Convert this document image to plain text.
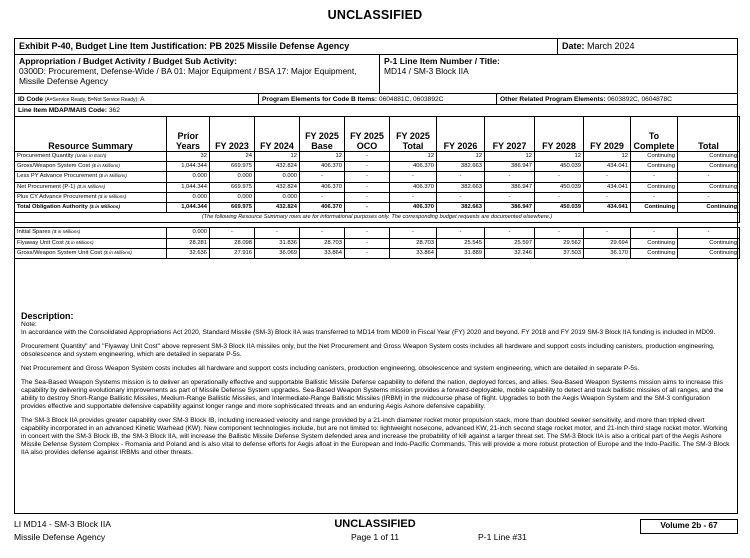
UNCLASSIFIED
Exhibit P-40, Budget Line Item Justification: PB 2025 Missile Defense Agency	Date: March 2024
Appropriation / Budget Activity / Budget Sub Activity:
0300D: Procurement, Defense-Wide / BA 01: Major Equipment / BSA 17: Major Equipment, Missile Defense Agency
P-1 Line Item Number / Title:
MD14 / SM-3 Block IIA
ID Code (A=Service Ready, B=Not Service Ready): A	Program Elements for Code B Items: 0604881C, 0603892C	Other Related Program Elements: 0603892C, 0604878C
Line Item MDAP/MAIS Code: 362
Resource Summary	Prior Years	FY 2023	FY 2024	FY 2025 Base	FY 2025 OCO	FY 2025 Total	FY 2026	FY 2027	FY 2028	FY 2029	To Complete	Total
Procurement Quantity (Units in Each)	32	24	12	12	-	12	12	12	12	12	Continuing	Continuing
Gross/Weapon System Cost ($ in Millions)	1,044.344	669.975	432.824	406.370	-	406.370	382.663	386.947	450.039	434.041	Continuing	Continuing
Less PY Advance Procurement ($ in Millions)	0.000	0.000	0.000	-	-	-	-	-	-	-	-	-
Net Procurement (P-1) ($ in Millions)	1,044.344	669.975	432.824	406.370	-	406.370	382.663	386.947	450.039	434.041	Continuing	Continuing
Plus CY Advance Procurement ($ in Millions)	0.000	0.000	0.000	-	-	-	-	-	-	-	-	-
Total Obligation Authority ($ in Millions)	1,044.344	669.975	432.824	406.370	-	406.370	382.663	386.947	450.039	434.041	Continuing	Continuing
(The following Resource Summary rows are for informational purposes only. The corresponding budget requests are documented elsewhere.)												

Initial Spares ($ in Millions)	0.000	-	-	-	-	-	-	-	-	-	-	-
Flyaway Unit Cost ($ in Millions)	28.281	28.098	31.836	28.703	-	28.703	25.545	25.597	29.562	29.694	Continuing	Continuing
Gross/Weapon System Unit Cost ($ in Millions)	32.636	27.916	36.069	33.864	-	33.864	31.889	32.246	37.503	36.170	Continuing	Continuing
Description:

Note:

In accordance with the Consolidated Appropriations Act 2020, Standard Missile (SM-3) Block IIA was transferred to MD14 from MD09 in Fiscal Year (FY) 2020 and beyond. FY 2018 and FY 2019 SM-3 Block IIA funding is included in MD09.

Procurement Quantity" and "Flyaway Unit Cost" above represent SM-3 Block IIA missiles only, but the Net Procurement and Gross Weapon System costs includes all hardware and support costs including canisters, production engineering, obsolescence and system engineering, which are detailed in separate P-5s.

Net Procurement and Gross Weapon System costs includes all hardware and support costs including canisters, production engineering, obsolescence and system engineering, which are detailed in separate P-5s.

The Sea-Based Weapon Systems mission is to deliver an operationally effective and supportable Ballistic Missile Defense capability to defend the nation, deployed forces, and allies. Sea-Based Weapon Systems mission aims to increase this capability by delivering evolutionary improvements as part of Missile Defense System upgrades. Sea-Based Weapon Systems mission provides a forward-deployable, mobile capability to detect and track ballistic missiles of all ranges, and the ability to destroy Short-Range Ballistic Missiles, Medium-Range Ballistic Missiles, and Intermediate-Range Ballistic Missiles (IRBM) in the midcourse phase of flight. Upgrades to both the Aegis Weapon System and the SM-3 configuration provides effective and supportable defensive capability against longer range and more sophisticated threats and an enduring Aegis Ashore defensive capability.

The SM-3 Block IIA provides greater capability over SM-3 Block IB, including increased velocity and range provided by a 21-inch diameter rocket motor propulsion stack, more than doubled seeker sensitivity, and more than tripled divert capability incorporated in an advanced Kinetic Warhead (KW). New component technologies include, but are not limited to: lightweight nosecone, advanced KW, 21-inch second stage rocket motor, and 21-inch third stage rocket motor. Working in concert with the SM-3 Block IB, the SM-3 Block IIA, will increase the Ballistic Missile Defense System defended area and increase the probability of kill against a larger threat set. The SM-3 Block IIA is also a critical part of the Aegis Ashore Missile Defense System Complex - Romania and Poland and is also vital to defense efforts for Aegis afloat in the European and Indo-Pacific Commands. This will provide a more robust protection of Europe and the Indo-Pacific. The SM-3 Block IIA also provides defense against IRBMs and other threats.

LI MD14 - SM-3 Block IIA
Missile Defense Agency
UNCLASSIFIED
Page 1 of 11	P-1 Line #31
Volume 2b - 67
